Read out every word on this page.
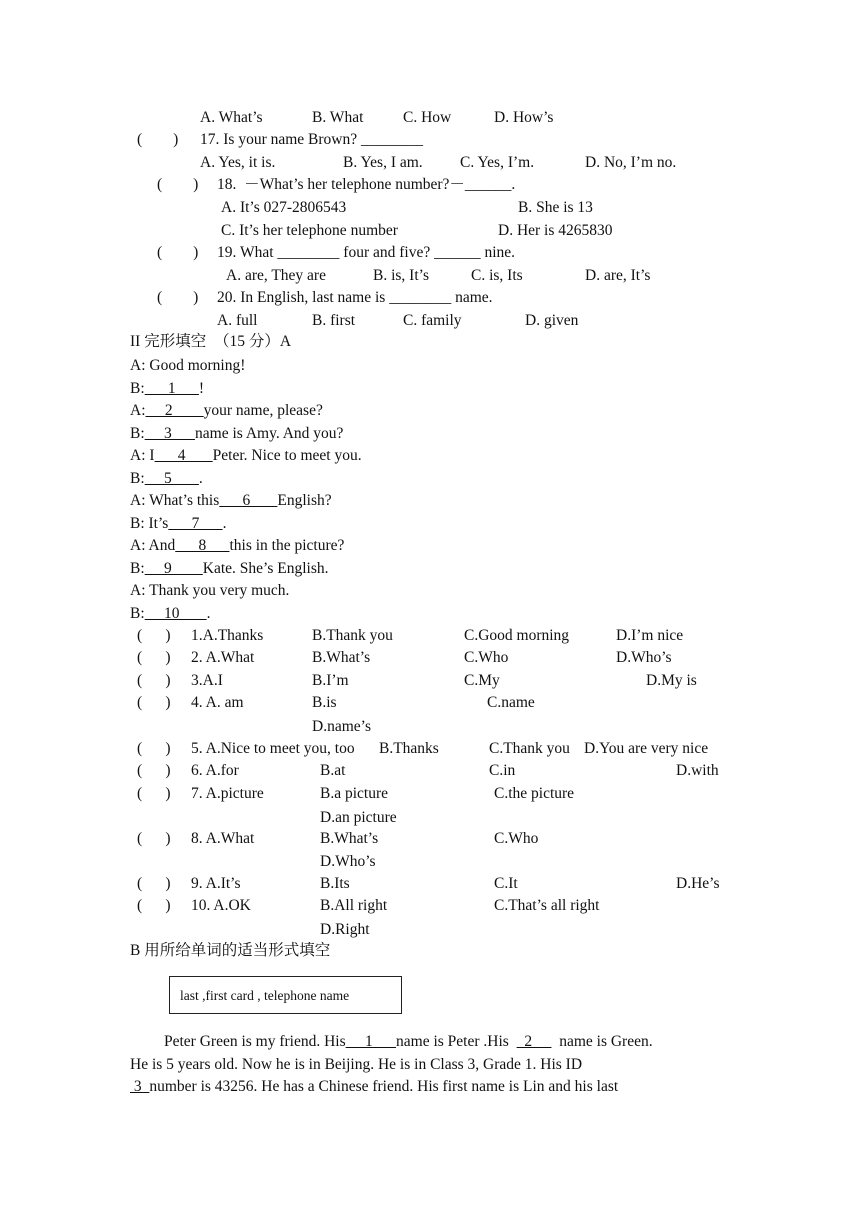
A. What’s	B. What	C. How	D. How’s
(        ) 17. Is your name Brown? ________
A. Yes, it is.	B. Yes, I am. C. Yes, I’m.	D. No, I’m no.
(        ) 18.  －What’s her telephone number?－______.
A. It’s 027-2806543	B. She is 13
C. It’s her telephone number	D. Her is 4265830
(        ) 19. What ________ four and five? ______ nine.
A. are, They are	B. is, It’s	C. is, Its	D. are, It’s
(        ) 20. In English, last name is ________ name.
A. full	B. first	C. family	D. given
II 完形填空  （15 分）A
A: Good morning!
B:      1      !
A:     2        your name, please?
B:     3      name is Amy. And you?
A: I      4       Peter. Nice to meet you.
B:     5       .
A: What’s this      6       English?
B: It’s      7      .
A: And      8      this in the picture?
B:     9        Kate. She’s English.
A: Thank you very much.
B:     10       .
(      ) 1.A.Thanks	B.Thank you	C.Good morning	D.I’m nice
(      ) 2. A.What	B.What’s	C.Who	D.Who’s
(      ) 3.A.I	B.I’m	C.My	D.My is
(      ) 4. A. am	B.is	C.name
D.name’s
(      ) 5. A.Nice to meet you, too B.Thanks	C.Thank you D.You are very nice
(      ) 6. A.for	B.at	C.in	D.with
(      ) 7. A.picture	B.a picture	C.the picture
D.an picture
(      ) 8. A.What	B.What’s	C.Who
D.Who’s
(      ) 9. A.It’s	B.Its	C.It	D.He’s
(      ) 10. A.OK	B.All right	C.That’s all right
D.Right
B 用所给单词的适当形式填空
last ,first card , telephone name
Peter Green is my friend. His     1      name is Peter .His    2       name is Green.
He is 5 years old. Now he is in Beijing. He is in Class 3, Grade 1. His ID
3  number is 43256. He has a Chinese friend. His first name is Lin and his last
